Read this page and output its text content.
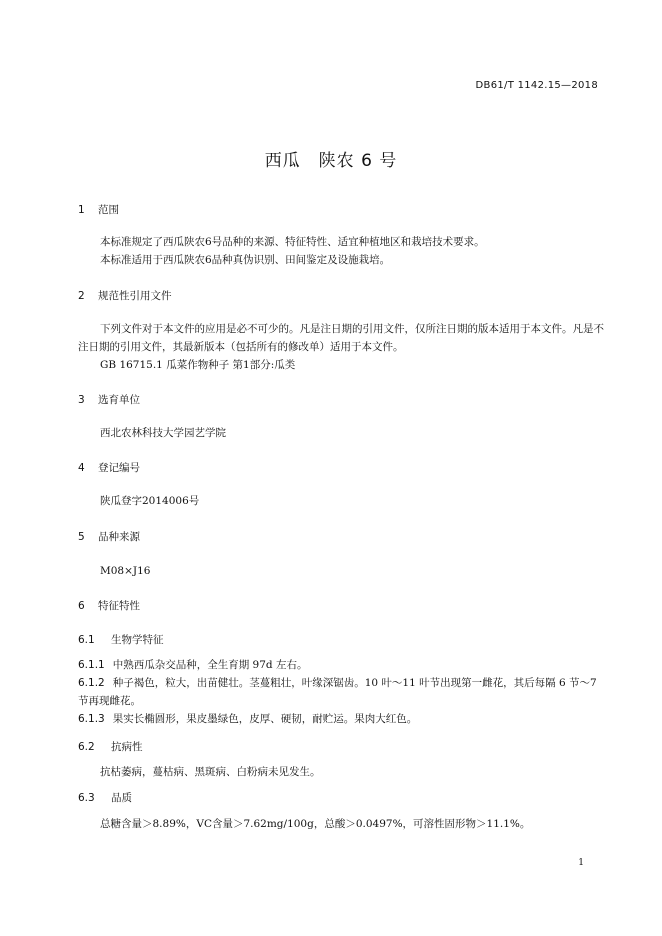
DB61/T 1142.15—2018
西瓜　陕农 6 号
1 范围
本标准规定了西瓜陕农6号品种的来源、特征特性、适宜种植地区和栽培技术要求。
本标准适用于西瓜陕农6品种真伪识别、田间鉴定及设施栽培。
2 规范性引用文件
下列文件对于本文件的应用是必不可少的。凡是注日期的引用文件，仅所注日期的版本适用于本文件。凡是不注日期的引用文件，其最新版本（包括所有的修改单）适用于本文件。
GB 16715.1 瓜菜作物种子 第1部分:瓜类
3 选育单位
西北农林科技大学园艺学院
4 登记编号
陕瓜登字2014006号
5 品种来源
M08×J16
6 特征特性
6.1 生物学特征
6.1.1 中熟西瓜杂交品种，全生育期 97d 左右。
6.1.2 种子褐色，粒大，出苗健壮。茎蔓粗壮，叶缘深锯齿。10 叶～11 叶节出现第一雌花，其后每隔 6 节～7 节再现雌花。
6.1.3 果实长椭圆形，果皮墨绿色，皮厚、硬韧，耐贮运。果肉大红色。
6.2 抗病性
抗枯萎病，蔓枯病、黑斑病、白粉病未见发生。
6.3 品质
总糖含量＞8.89%，VC含量＞7.62mg/100g，总酸＞0.0497%，可溶性固形物＞11.1%。
1
